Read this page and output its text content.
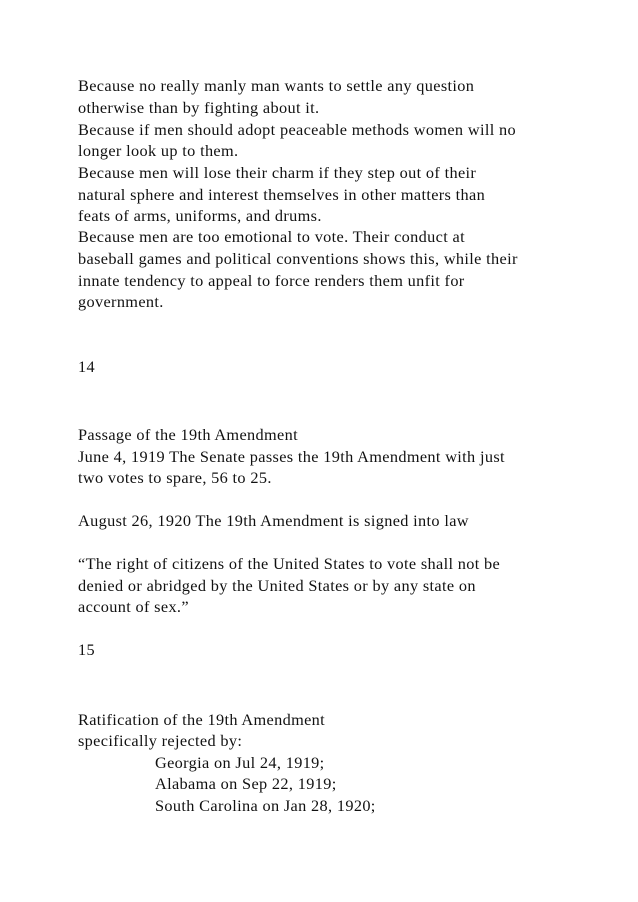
Because no really manly man wants to settle any question

otherwise than by fighting about it.

Because if men should adopt peaceable methods women will no

longer look up to them.

Because men will lose their charm if they step out of their

natural sphere and interest themselves in other matters than

feats of arms, uniforms, and drums.

Because men are too emotional to vote. Their conduct at

baseball games and political conventions shows this, while their

innate tendency to appeal to force renders them unfit for

government.

14

Passage of the 19th Amendment

June 4, 1919 The Senate passes the 19th Amendment with just

two votes to spare, 56 to 25.

August 26, 1920 The 19th Amendment is signed into law

“The right of citizens of the United States to vote shall not be

denied or abridged by the United States or by any state on

account of sex.”

15

Ratification of the 19th Amendment

specifically rejected by:

Georgia on Jul 24, 1919;

Alabama on Sep 22, 1919;

South Carolina on Jan 28, 1920;
